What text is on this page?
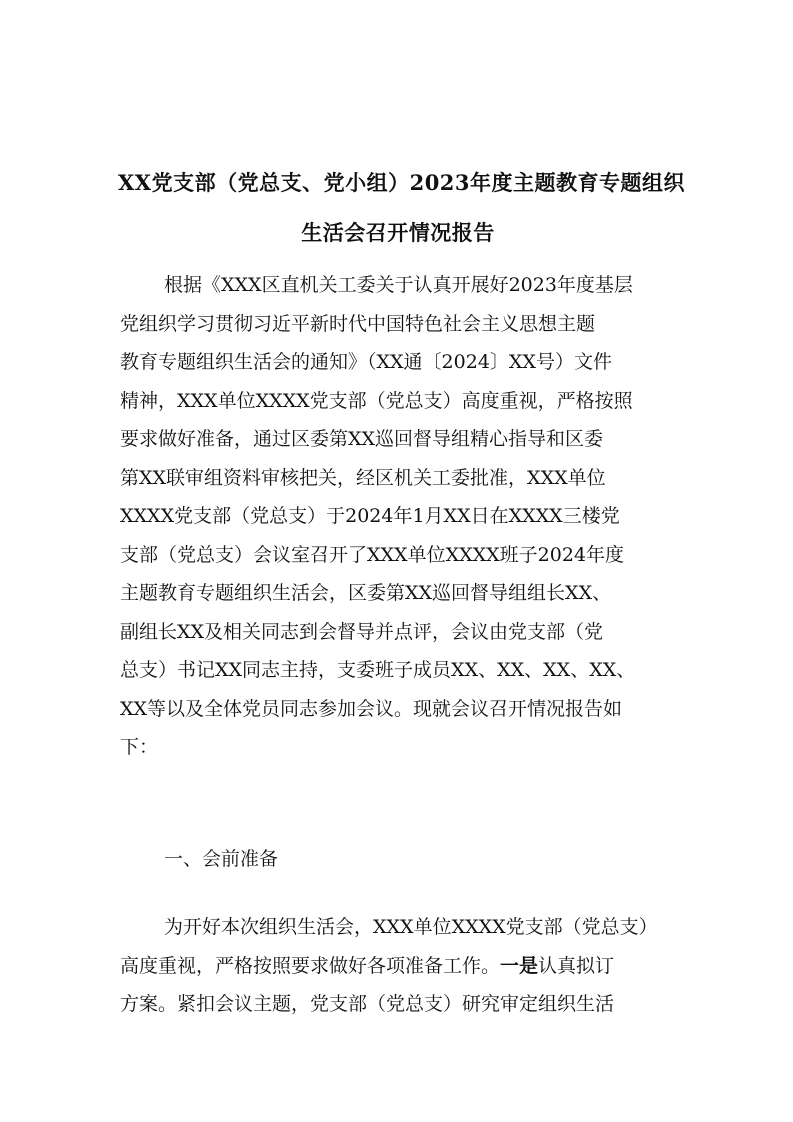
XX党支部（党总支、党小组）2023年度主题教育专题组织
生活会召开情况报告
根据《XXX区直机关工委关于认真开展好2023年度基层
党组织学习贯彻习近平新时代中国特色社会主义思想主题
教育专题组织生活会的通知》（XX通〔2024〕XX号）文件
精神，XXX单位XXXX党支部（党总支）高度重视，严格按照
要求做好准备，通过区委第XX巡回督导组精心指导和区委
第XX联审组资料审核把关，经区机关工委批准，XXX单位
XXXX党支部（党总支）于2024年1月XX日在XXXX三楼党
支部（党总支）会议室召开了XXX单位XXXX班子2024年度
主题教育专题组织生活会，区委第XX巡回督导组组长XX、
副组长XX及相关同志到会督导并点评，会议由党支部（党
总支）书记XX同志主持，支委班子成员XX、XX、XX、XX、
XX等以及全体党员同志参加会议。现就会议召开情况报告如
下：
一、会前准备
为开好本次组织生活会，XXX单位XXXX党支部（党总支）
高度重视，严格按照要求做好各项准备工作。一是认真拟订
方案。紧扣会议主题，党支部（党总支）研究审定组织生活
